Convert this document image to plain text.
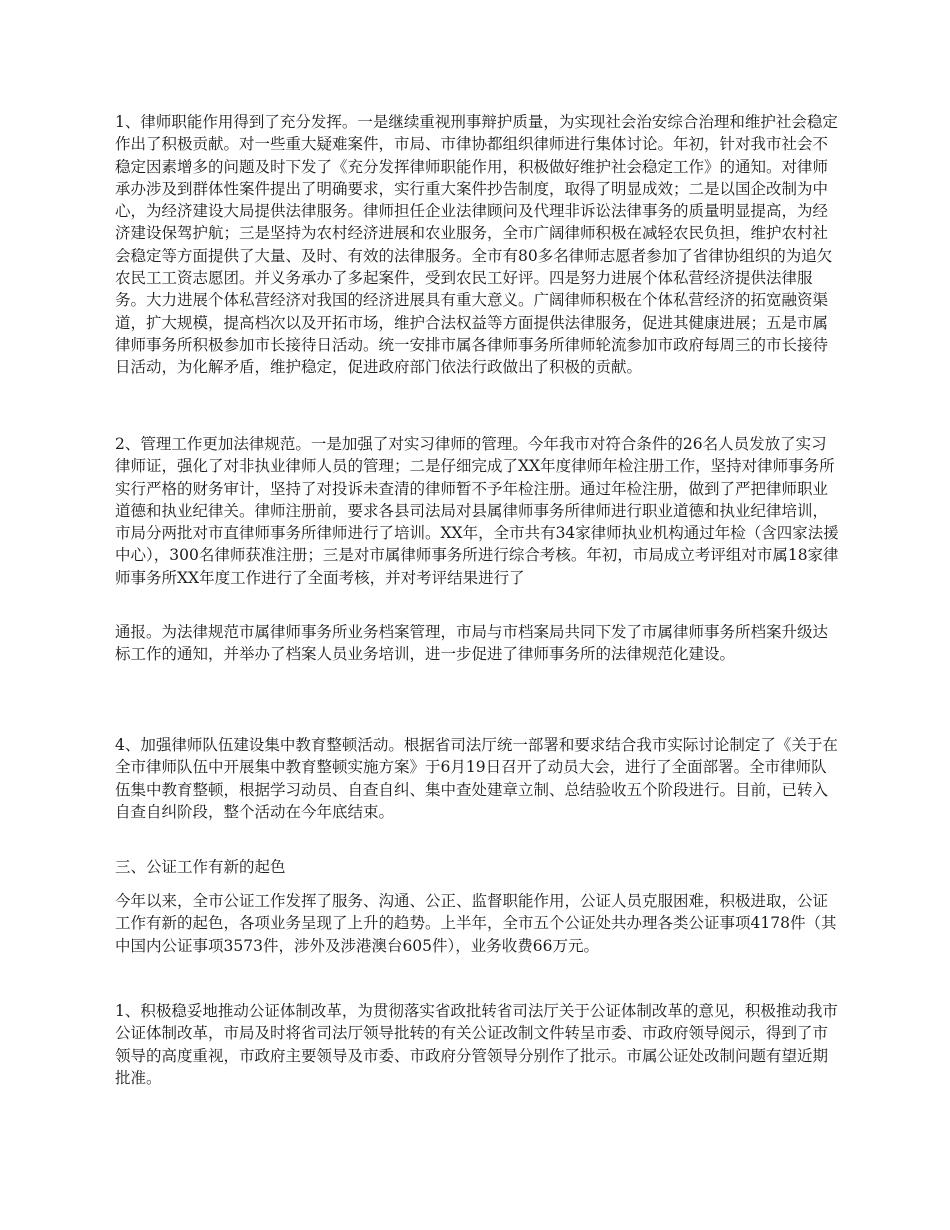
1、律师职能作用得到了充分发挥。一是继续重视刑事辩护质量，为实现社会治安综合治理和维护社会稳定作出了积极贡献。对一些重大疑难案件，市局、市律协都组织律师进行集体讨论。年初，针对我市社会不稳定因素增多的问题及时下发了《充分发挥律师职能作用，积极做好维护社会稳定工作》的通知。对律师承办涉及到群体性案件提出了明确要求，实行重大案件抄告制度，取得了明显成效；二是以国企改制为中心，为经济建设大局提供法律服务。律师担任企业法律顾问及代理非诉讼法律事务的质量明显提高，为经济建设保驾护航；三是坚持为农村经济进展和农业服务，全市广阔律师积极在减轻农民负担，维护农村社会稳定等方面提供了大量、及时、有效的法律服务。全市有80多名律师志愿者参加了省律协组织的为追欠农民工工资志愿团。并义务承办了多起案件，受到农民工好评。四是努力进展个体私营经济提供法律服务。大力进展个体私营经济对我国的经济进展具有重大意义。广阔律师积极在个体私营经济的拓宽融资渠道，扩大规模，提高档次以及开拓市场，维护合法权益等方面提供法律服务，促进其健康进展；五是市属律师事务所积极参加市长接待日活动。统一安排市属各律师事务所律师轮流参加市政府每周三的市长接待日活动，为化解矛盾，维护稳定，促进政府部门依法行政做出了积极的贡献。

2、管理工作更加法律规范。一是加强了对实习律师的管理。今年我市对符合条件的26名人员发放了实习律师证，强化了对非执业律师人员的管理；二是仔细完成了XX年度律师年检注册工作，坚持对律师事务所实行严格的财务审计，坚持了对投诉未查清的律师暂不予年检注册。通过年检注册，做到了严把律师职业道德和执业纪律关。律师注册前，要求各县司法局对县属律师事务所律师进行职业道德和执业纪律培训，市局分两批对市直律师事务所律师进行了培训。XX年，全市共有34家律师执业机构通过年检（含四家法援中心），300名律师获准注册；三是对市属律师事务所进行综合考核。年初，市局成立考评组对市属18家律师事务所XX年度工作进行了全面考核，并对考评结果进行了

通报。为法律规范市属律师事务所业务档案管理，市局与市档案局共同下发了市属律师事务所档案升级达标工作的通知，并举办了档案人员业务培训，进一步促进了律师事务所的法律规范化建设。

4、加强律师队伍建设集中教育整顿活动。根据省司法厅统一部署和要求结合我市实际讨论制定了《关于在全市律师队伍中开展集中教育整顿实施方案》于6月19日召开了动员大会，进行了全面部署。全市律师队伍集中教育整顿，根据学习动员、自查自纠、集中查处建章立制、总结验收五个阶段进行。目前，已转入自查自纠阶段，整个活动在今年底结束。

三、公证工作有新的起色

今年以来，全市公证工作发挥了服务、沟通、公正、监督职能作用，公证人员克服困难，积极进取，公证工作有新的起色，各项业务呈现了上升的趋势。上半年，全市五个公证处共办理各类公证事项4178件（其中国内公证事项3573件，涉外及涉港澳台605件），业务收费66万元。

1、积极稳妥地推动公证体制改革，为贯彻落实省政批转省司法厅关于公证体制改革的意见，积极推动我市公证体制改革，市局及时将省司法厅领导批转的有关公证改制文件转呈市委、市政府领导阅示，得到了市领导的高度重视，市政府主要领导及市委、市政府分管领导分别作了批示。市属公证处改制问题有望近期批准。
